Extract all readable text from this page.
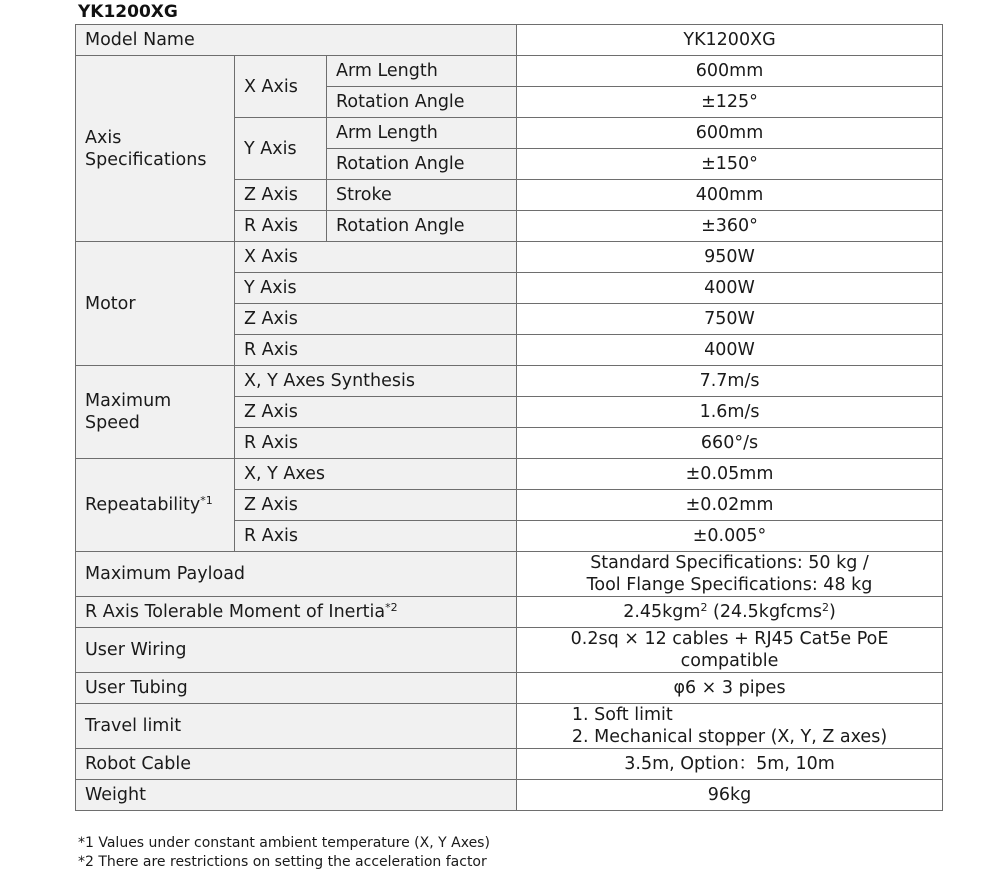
YK1200XG
Model Name			YK1200XG

Axis
Specifications	X Axis	Arm Length	600mm
		Rotation Angle	±125°
	Y Axis	Arm Length	600mm
		Rotation Angle	±150°
	Z Axis	Stroke	400mm
	R Axis	Rotation Angle	±360°
Motor	X Axis		950W
	Y Axis		400W
	Z Axis		750W
	R Axis		400W

Maximum
Speed	X, Y Axes Synthesis		7.7m/s
	Z Axis		1.6m/s
	R Axis		660°/s
Repeatability$^{*1}$	X, Y Axes		±0.05mm
	Z Axis		±0.02mm
	R Axis		±0.005°
Maximum Payload			Standard Specifications: 50 kg /
Tool Flange Specifications: 48 kg

R Axis Tolerable Moment of Inertia$^{*2}$			2.45kgm$^2$ (24.5kgfcms$^2$)
User Wiring			0.2sq × 12 cables + RJ45 Cat5e PoE
compatible

User Tubing			φ6 × 3 pipes
Travel limit			1. Soft limit
2. Mechanical stopper (X, Y, Z axes)

Robot Cable			3.5m, Option：5m, 10m
Weight			96kg
*1 Values under constant ambient temperature (X, Y Axes)
*2 There are restrictions on setting the acceleration factor
